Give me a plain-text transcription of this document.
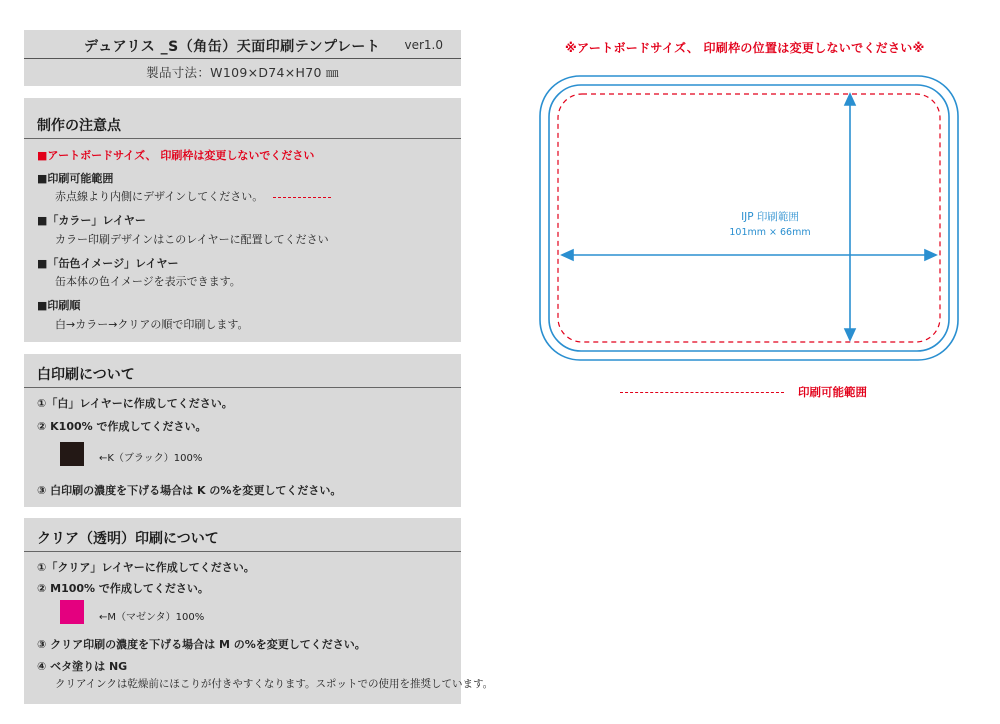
デュアリス _S（角缶）天面印刷テンプレート ver1.0
製品寸法：W109×D74×H70 ㎜
制作の注意点
■アートボードサイズ、 印刷枠は変更しないでください
■印刷可能範囲
赤点線より内側にデザインしてください。
■「カラー」レイヤー
カラー印刷デザインはこのレイヤーに配置してください
■「缶色イメージ」レイヤー
缶本体の色イメージを表示できます。
■印刷順
白→カラー→クリアの順で印刷します。
白印刷について
①「白」レイヤーに作成してください。
② K100% で作成してください。
←K（ブラック）100%
③ 白印刷の濃度を下げる場合は K の%を変更してください。
クリア（透明）印刷について
①「クリア」レイヤーに作成してください。
② M100% で作成してください。
←M（マゼンタ）100%
③ クリア印刷の濃度を下げる場合は M の%を変更してください。
④ ベタ塗りは NG
クリアインクは乾燥前にほこりが付きやすくなります。スポットでの使用を推奨しています。
※アートボードサイズ、 印刷枠の位置は変更しないでください※
IJP 印刷範囲
101mm × 66mm
印刷可能範囲
